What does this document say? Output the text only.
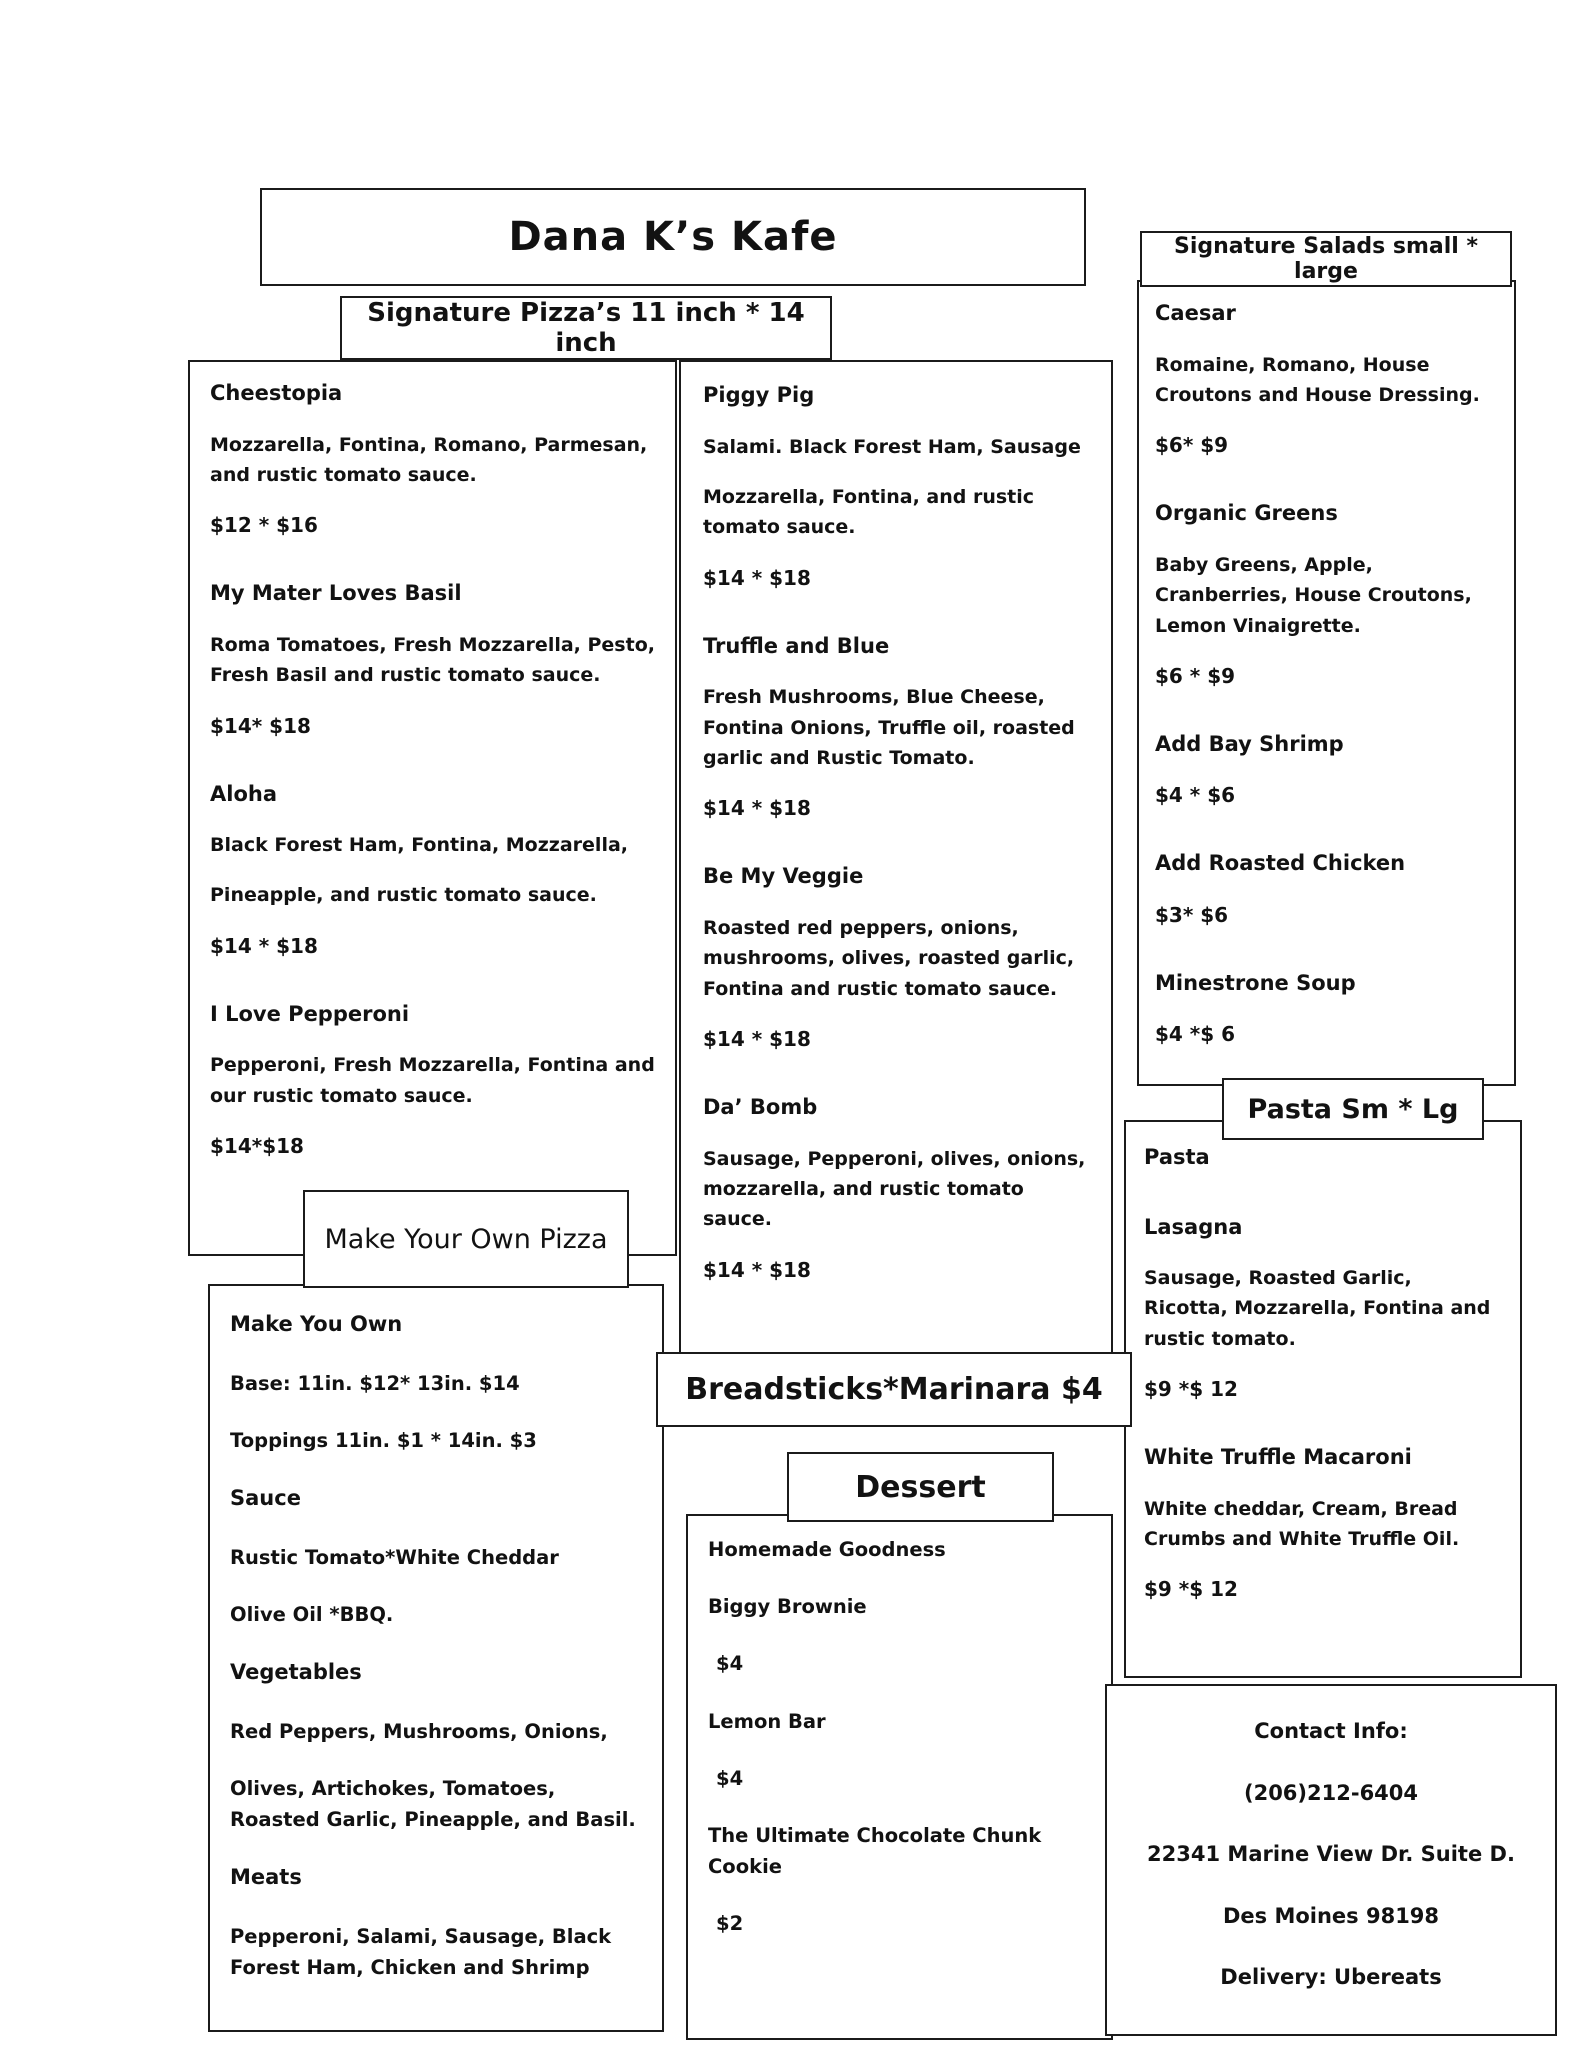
Dana K’s Kafe
Signature Pizza’s 11 inch * 14 inch

Cheestopia

Mozzarella, Fontina, Romano, Parmesan, and rustic tomato sauce.

$12 * $16

My Mater Loves Basil

Roma Tomatoes, Fresh Mozzarella, Pesto, Fresh Basil and rustic tomato sauce.

$14* $18

Aloha

Black Forest Ham, Fontina, Mozzarella,

Pineapple, and rustic tomato sauce.

$14 * $18

I Love Pepperoni

Pepperoni, Fresh Mozzarella, Fontina and our rustic tomato sauce.

$14*$18

Piggy Pig

Salami. Black Forest Ham, Sausage

Mozzarella, Fontina, and rustic tomato sauce.

$14 * $18

Truffle and Blue

Fresh Mushrooms, Blue Cheese, Fontina Onions, Truffle oil, roasted garlic and Rustic Tomato.

$14 * $18

Be My Veggie

Roasted red peppers, onions, mushrooms, olives, roasted garlic, Fontina and rustic tomato sauce.

$14 * $18

Da’ Bomb

Sausage, Pepperoni, olives, onions, mozzarella, and rustic tomato sauce.

$14 * $18

Signature Salads small * large

Caesar

Romaine, Romano, House Croutons and House Dressing.

$6* $9

Organic Greens

Baby Greens, Apple, Cranberries, House Croutons, Lemon Vinaigrette.

$6 * $9

Add Bay Shrimp

$4 * $6

Add Roasted Chicken

$3* $6

Minestrone Soup

$4 *$ 6

Pasta Sm * Lg

Pasta

Lasagna

Sausage, Roasted Garlic, Ricotta, Mozzarella, Fontina and rustic tomato.

$9 *$ 12

White Truffle Macaroni

White cheddar, Cream, Bread Crumbs and White Truffle Oil.

$9 *$ 12

Make Your Own Pizza

Make You Own

Base: 11in. $12* 13in. $14

Toppings 11in. $1 * 14in. $3

Sauce

Rustic Tomato*White Cheddar

Olive Oil *BBQ.

Vegetables

Red Peppers, Mushrooms, Onions,

Olives, Artichokes, Tomatoes, Roasted Garlic, Pineapple, and Basil.

Meats

Pepperoni, Salami, Sausage, Black Forest Ham, Chicken and Shrimp

Breadsticks*Marinara $4
Dessert

Homemade Goodness

Biggy Brownie

$4

Lemon Bar

$4

The Ultimate Chocolate Chunk Cookie

$2

Contact Info:

(206)212-6404

22341 Marine View Dr. Suite D.

Des Moines 98198

Delivery: Ubereats
